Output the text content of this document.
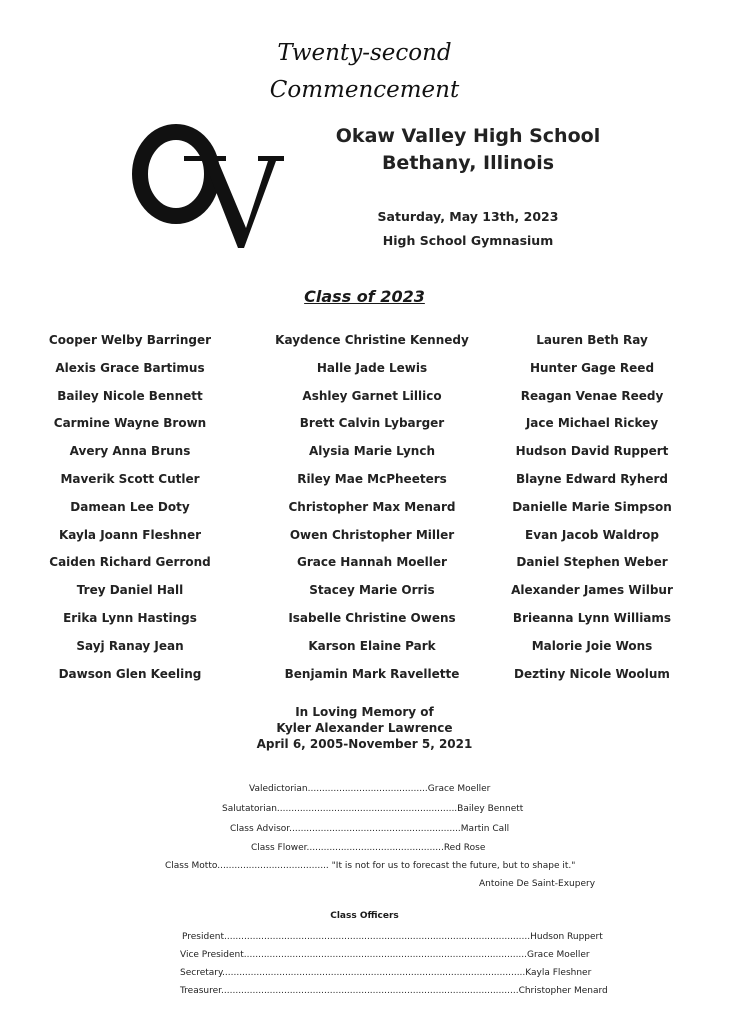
Twenty-second
Commencement
OV
Okaw Valley High School
Bethany, Illinois
Saturday, May 13th, 2023
High School Gymnasium
Class of 2023
Cooper Welby Barringer
Alexis Grace Bartimus
Bailey Nicole Bennett
Carmine Wayne Brown
Avery Anna Bruns
Maverik Scott Cutler
Damean Lee Doty
Kayla Joann Fleshner
Caiden Richard Gerrond
Trey Daniel Hall
Erika Lynn Hastings
Sayj Ranay Jean
Dawson Glen Keeling
Kaydence Christine Kennedy
Halle Jade Lewis
Ashley Garnet Lillico
Brett Calvin Lybarger
Alysia Marie Lynch
Riley Mae McPheeters
Christopher Max Menard
Owen Christopher Miller
Grace Hannah Moeller
Stacey Marie Orris
Isabelle Christine Owens
Karson Elaine Park
Benjamin Mark Ravellette
Lauren Beth Ray
Hunter Gage Reed
Reagan Venae Reedy
Jace Michael Rickey
Hudson David Ruppert
Blayne Edward Ryherd
Danielle Marie Simpson
Evan Jacob Waldrop
Daniel Stephen Weber
Alexander James Wilbur
Brieanna Lynn Williams
Malorie Joie Wons
Deztiny Nicole Woolum
In Loving Memory of
Kyler Alexander Lawrence
April 6, 2005-November 5, 2021
Valedictorian..........................................Grace Moeller
Salutatorian...............................................................Bailey Bennett
Class Advisor............................................................Martin Call
Class Flower................................................Red Rose
Class Motto....................................... "It is not for us to forecast the future, but to shape it."
Antoine De Saint-Exupery
Class Officers
President...........................................................................................................Hudson Ruppert
Vice President...................................................................................................Grace Moeller
Secretary..........................................................................................................Kayla Fleshner
Treasurer........................................................................................................Christopher Menard
